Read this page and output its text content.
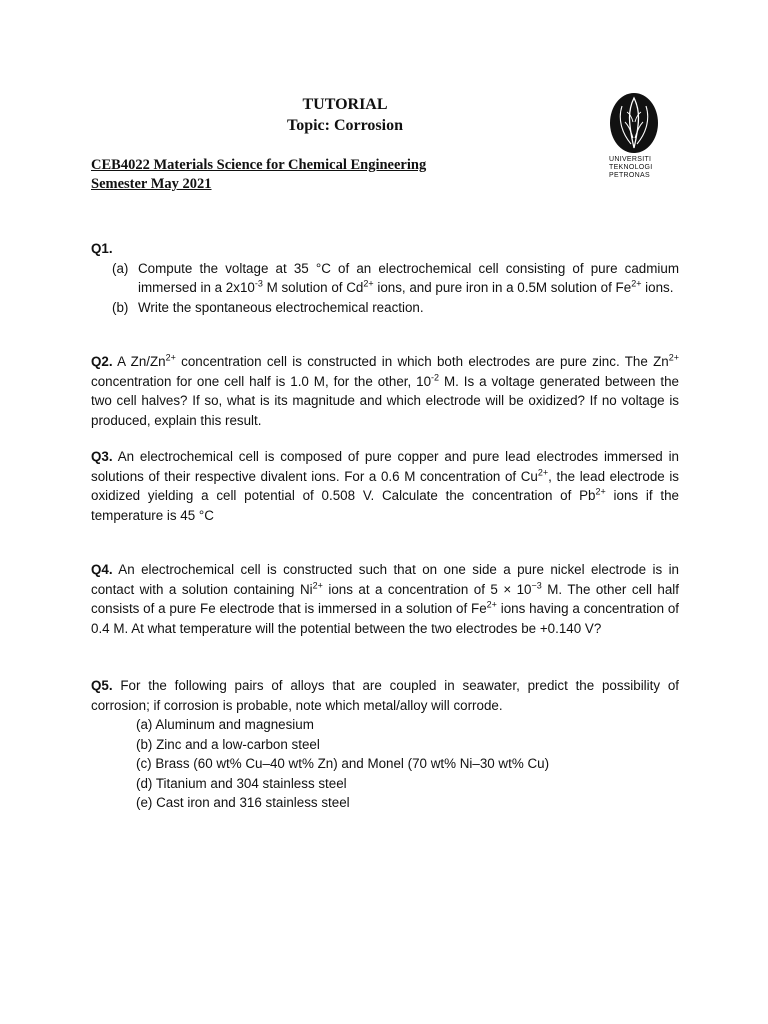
TUTORIAL
Topic: Corrosion
UNIVERSITI
TEKNOLOGI
PETRONAS
CEB4022 Materials Science for Chemical Engineering
Semester May 2021
Q1.
(a) Compute the voltage at 35 °C of an electrochemical cell consisting of pure cadmium immersed in a $2x10^{-3}$ M solution of $Cd^{2+}$ ions, and pure iron in a 0.5M solution of $Fe^{2+}$ ions.
(b) Write the spontaneous electrochemical reaction.
Q2. A $Zn/Zn^{2+}$ concentration cell is constructed in which both electrodes are pure zinc. The $Zn^{2+}$ concentration for one cell half is 1.0 M, for the other, $10^{-2}$ M. Is a voltage generated between the two cell halves? If so, what is its magnitude and which electrode will be oxidized? If no voltage is produced, explain this result.
Q3. An electrochemical cell is composed of pure copper and pure lead electrodes immersed in solutions of their respective divalent ions. For a 0.6 M concentration of $Cu^{2+}$, the lead electrode is oxidized yielding a cell potential of 0.508 V. Calculate the concentration of $Pb^{2+}$ ions if the temperature is 45 °C
Q4. An electrochemical cell is constructed such that on one side a pure nickel electrode is in contact with a solution containing $Ni^{2+}$ ions at a concentration of $5 \times 10^{-3}$ M. The other cell half consists of a pure Fe electrode that is immersed in a solution of $Fe^{2+}$ ions having a concentration of 0.4 M. At what temperature will the potential between the two electrodes be +0.140 V?
Q5. For the following pairs of alloys that are coupled in seawater, predict the possibility of corrosion; if corrosion is probable, note which metal/alloy will corrode.
(a) Aluminum and magnesium
(b) Zinc and a low-carbon steel
(c) Brass (60 wt% Cu–40 wt% Zn) and Monel (70 wt% Ni–30 wt% Cu)
(d) Titanium and 304 stainless steel
(e) Cast iron and 316 stainless steel
